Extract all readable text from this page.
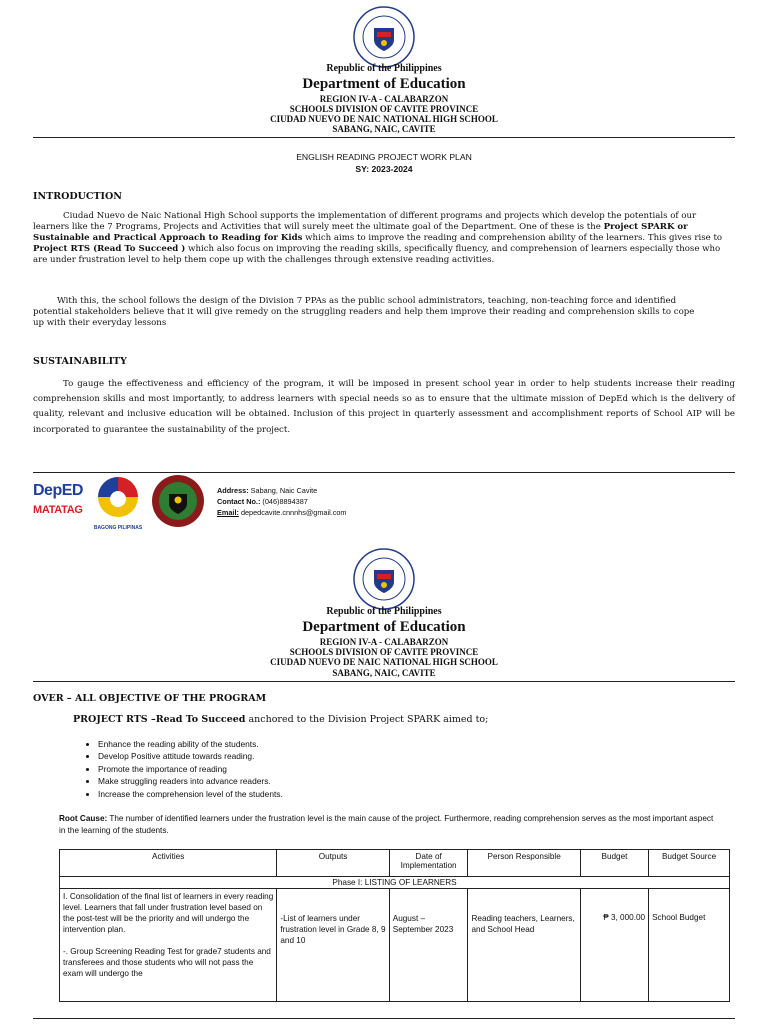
Republic of the Philippines
Department of Education
REGION IV-A - CALABARZON
SCHOOLS DIVISION OF CAVITE PROVINCE
CIUDAD NUEVO DE NAIC NATIONAL HIGH SCHOOL
SABANG, NAIC, CAVITE
ENGLISH READING PROJECT WORK PLAN
SY: 2023-2024
INTRODUCTION
Ciudad Nuevo de Naic National High School supports the implementation of different programs and projects which develop the potentials of our learners like the 7 Programs, Projects and Activities that will surely meet the ultimate goal of the Department. One of these is the Project SPARK or Sustainable and Practical Approach to Reading for Kids which aims to improve the reading and comprehension ability of the learners. This gives rise to Project RTS (Read To Succeed ) which also focus on improving the reading skills, specifically fluency, and comprehension of learners especially those who are under frustration level to help them cope up with the challenges through extensive reading activities.
With this, the school follows the design of the Division 7 PPAs as the public school administrators, teaching, non-teaching force and identified potential stakeholders believe that it will give remedy on the struggling readers and help them improve their reading and comprehension skills to cope up with their everyday lessons
SUSTAINABILITY
To gauge the effectiveness and efficiency of the program, it will be imposed in present school year in order to help students increase their reading comprehension skills and most importantly, to address learners with special needs so as to ensure that the ultimate mission of DepEd which is the delivery of quality, relevant and inclusive education will be obtained. Inclusion of this project in quarterly assessment and accomplishment reports of School AIP will be incorporated to guarantee the sustainability of the project.
DepED
MATATAG
BAGONG PILIPINAS
Address: Sabang, Naic Cavite
Contact No.: (046)8894387
Email: depedcavite.cnnnhs@gmail.com
Republic of the Philippines
Department of Education
REGION IV-A - CALABARZON
SCHOOLS DIVISION OF CAVITE PROVINCE
CIUDAD NUEVO DE NAIC NATIONAL HIGH SCHOOL
SABANG, NAIC, CAVITE
OVER – ALL OBJECTIVE OF THE PROGRAM
PROJECT RTS –Read To Succeed anchored to the Division Project SPARK aimed to;
• Enhance the reading ability of the students.
• Develop Positive attitude towards reading.
• Promote the importance of reading
• Make struggling readers into advance readers.
• Increase the comprehension level of the students.
Root Cause: The number of identified learners under the frustration level is the main cause of the project. Furthermore, reading comprehension serves as the most important aspect in the learning of the students.
Activities	Outputs	Date of Implementation	Person Responsible	Budget	Budget Source
Phase I: LISTING OF LEARNERS					

I. Consolidation of the final list of learners in every reading level. Learners that fall under frustration level based on the post-test will be the priority and will undergo the intervention plan.
-. Group Screening Reading Test for grade7 students and transferees and those students who will not pass the exam will undergo the	-List of learners under frustration level in Grade 8, 9 and 10	August – September 2023	Reading teachers, Learners, and School Head	₱ 3, 000.00	School Budget
